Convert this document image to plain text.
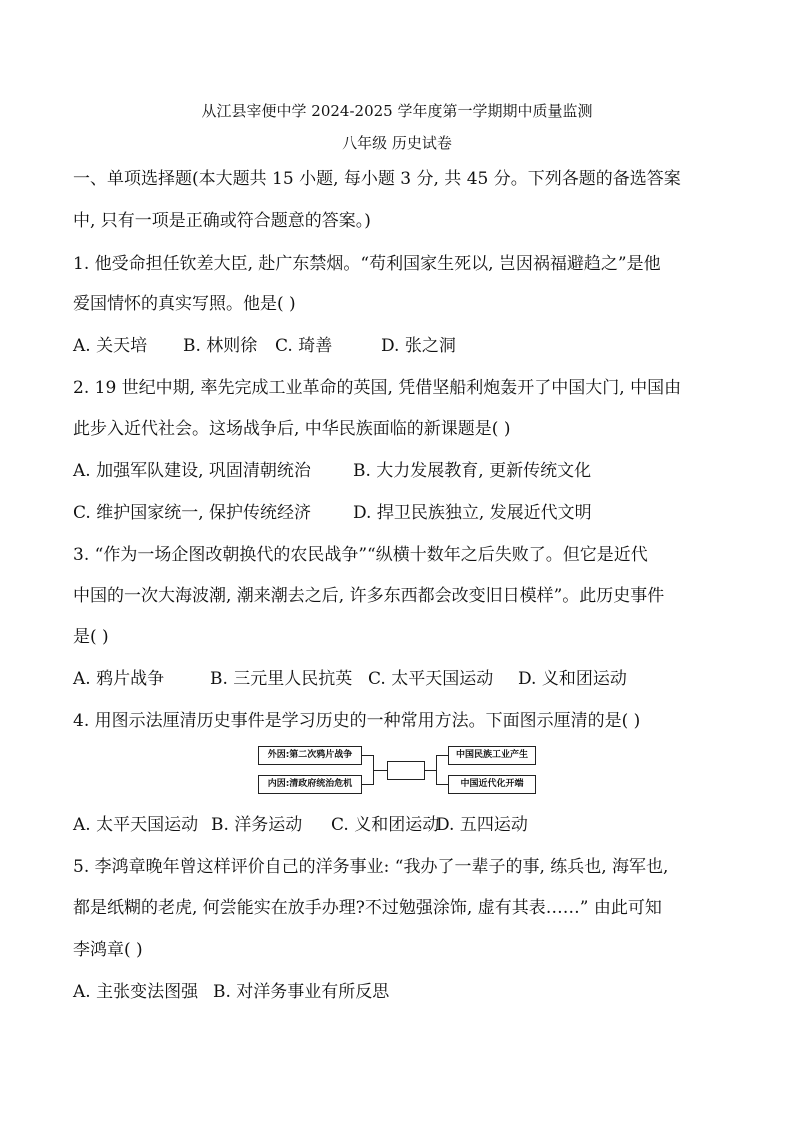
从江县宰便中学 2024-2025 学年度第一学期期中质量监测
八年级 历史试卷
一、单项选择题(本大题共 15 小题, 每小题 3 分, 共 45 分。下列各题的备选答案
中, 只有一项是正确或符合题意的答案。)
1. 他受命担任钦差大臣, 赴广东禁烟。“苟利国家生死以, 岂因祸福避趋之”是他
爱国情怀的真实写照。他是( )
A. 关天培 B. 林则徐 C. 琦善	D. 张之洞
2. 19 世纪中期, 率先完成工业革命的英国, 凭借坚船利炮轰开了中国大门, 中国由
此步入近代社会。这场战争后, 中华民族面临的新课题是( )
A. 加强军队建设, 巩固清朝统治 B. 大力发展教育, 更新传统文化
C. 维护国家统一, 保护传统经济 D. 捍卫民族独立, 发展近代文明
3. “作为一场企图改朝换代的农民战争”“纵横十数年之后失败了。但它是近代
中国的一次大海波潮, 潮来潮去之后, 许多东西都会改变旧日模样”。此历史事件
是( )
A. 鸦片战争	B. 三元里人民抗英 C. 太平天国运动 D. 义和团运动
4. 用图示法厘清历史事件是学习历史的一种常用方法。下面图示厘清的是( )
外因:第二次鸦片战争
内因:清政府统治危机
中国民族工业产生
中国近代化开端
A. 太平天国运动 B. 洋务运动 C. 义和团运动D. 五四运动
5. 李鸿章晚年曾这样评价自己的洋务事业: “我办了一辈子的事, 练兵也, 海军也,
都是纸糊的老虎, 何尝能实在放手办理?不过勉强涂饰, 虚有其表……” 由此可知
李鸿章( )
A. 主张变法图强 B. 对洋务事业有所反思
